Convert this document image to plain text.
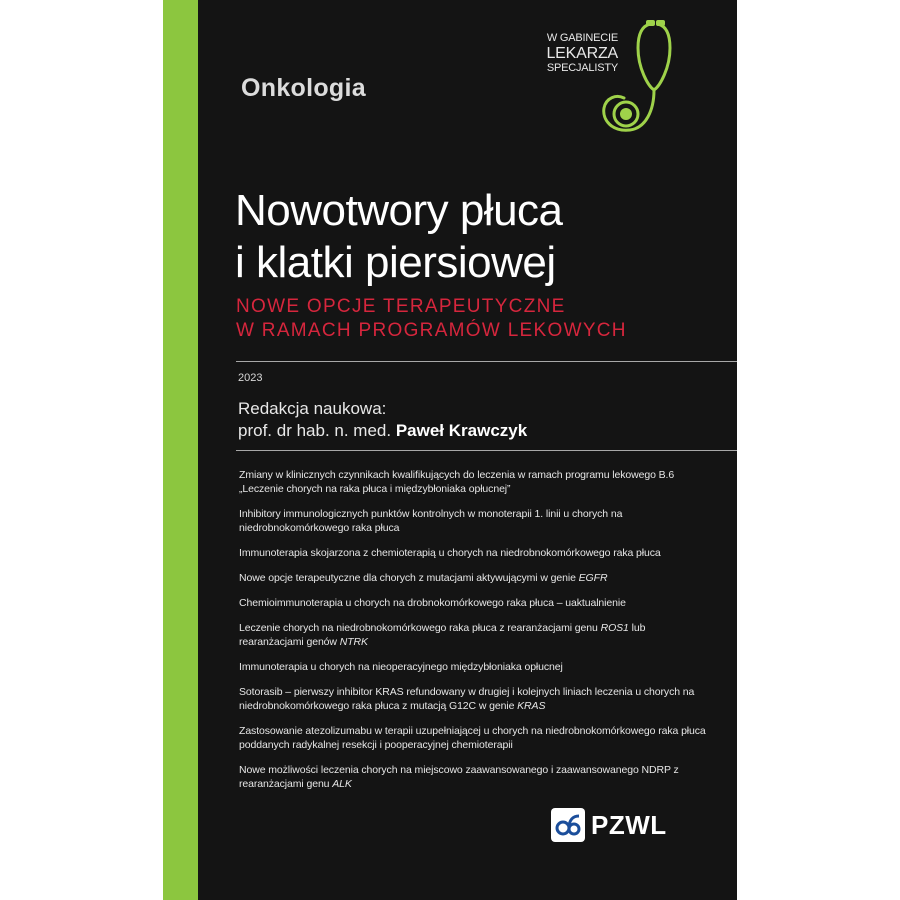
Onkologia
W GABINECIE
LEKARZA
SPECJALISTY
Nowotwory płuca
i klatki piersiowej
NOWE OPCJE TERAPEUTYCZNE
W RAMACH PROGRAMÓW LEKOWYCH
2023
Redakcja naukowa:
prof. dr hab. n. med. Paweł Krawczyk
Zmiany w klinicznych czynnikach kwalifikujących do leczenia w ramach programu lekowego B.6 „Leczenie chorych na raka płuca i międzybłoniaka opłucnej”
Inhibitory immunologicznych punktów kontrolnych w monoterapii 1. linii u chorych na niedrobnokomórkowego raka płuca
Immunoterapia skojarzona z chemioterapią u chorych na niedrobnokomórkowego raka płuca
Nowe opcje terapeutyczne dla chorych z mutacjami aktywującymi w genie EGFR
Chemioimmunoterapia u chorych na drobnokomórkowego raka płuca – uaktualnienie
Leczenie chorych na niedrobnokomórkowego raka płuca z rearanżacjami genu ROS1 lub rearanżacjami genów NTRK
Immunoterapia u chorych na nieoperacyjnego międzybłoniaka opłucnej
Sotorasib – pierwszy inhibitor KRAS refundowany w drugiej i kolejnych liniach leczenia u chorych na niedrobnokomórkowego raka płuca z mutacją G12C w genie KRAS
Zastosowanie atezolizumabu w terapii uzupełniającej u chorych na niedrobnokomórkowego raka płuca poddanych radykalnej resekcji i pooperacyjnej chemioterapii
Nowe możliwości leczenia chorych na miejscowo zaawansowanego i zaawansowanego NDRP z rearanżacjami genu ALK
PZWL
